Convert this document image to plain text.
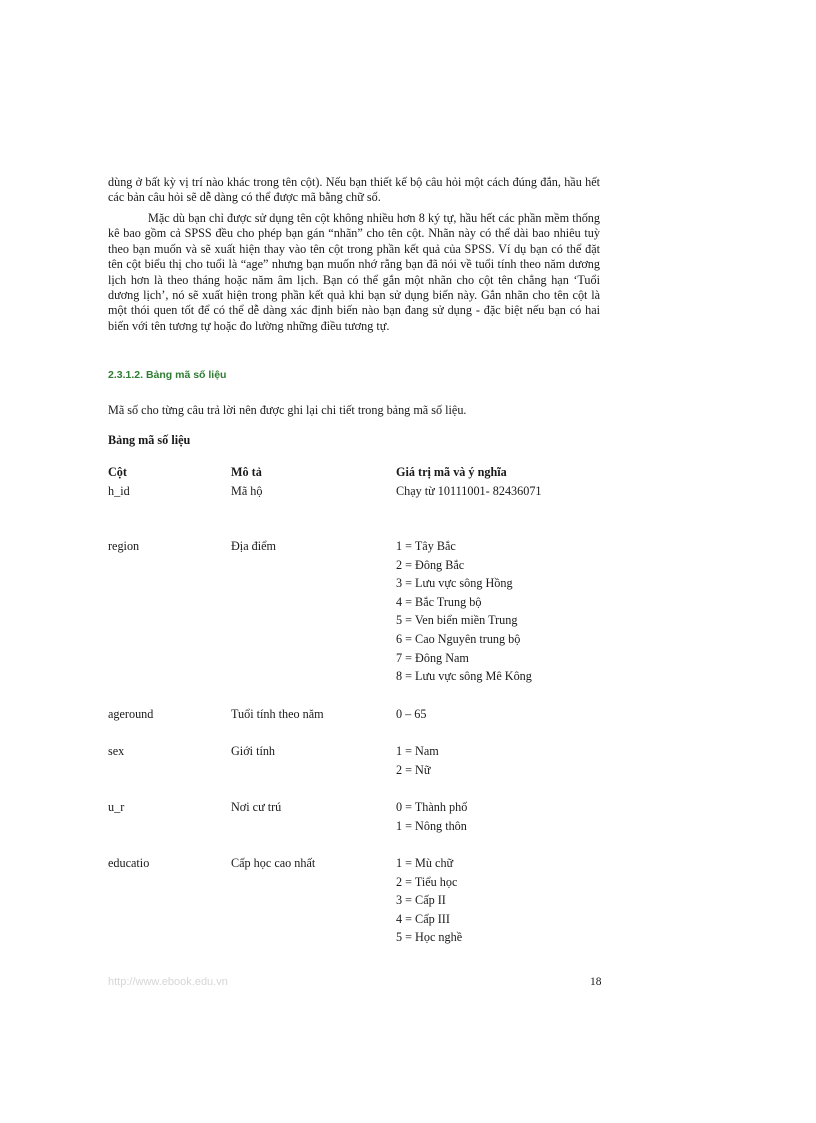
dùng ở bất kỳ vị trí nào khác trong tên cột). Nếu bạn thiết kế bộ câu hỏi một cách đúng đắn, hầu hết các bản câu hỏi sẽ dễ dàng có thể được mã bằng chữ số.

Mặc dù bạn chỉ được sử dụng tên cột không nhiều hơn 8 ký tự, hầu hết các phần mềm thống kê bao gồm cả SPSS đều cho phép bạn gán “nhãn” cho tên cột. Nhãn này có thể dài bao nhiêu tuỳ theo bạn muốn và sẽ xuất hiện thay vào tên cột trong phần kết quả của SPSS. Ví dụ bạn có thể đặt tên cột biểu thị cho tuổi là “age” nhưng bạn muốn nhớ rằng bạn đã nói về tuổi tính theo năm dương lịch hơn là theo tháng hoặc năm âm lịch. Bạn có thể gắn một nhãn cho cột tên chẳng hạn ‘Tuổi dương lịch’, nó sẽ xuất hiện trong phần kết quả khi bạn sử dụng biến này. Gắn nhãn cho tên cột là một thói quen tốt để có thể dễ dàng xác định biến nào bạn đang sử dụng - đặc biệt nếu bạn có hai biến với tên tương tự hoặc đo lường những điều tương tự.

2.3.1.2. Bảng mã số liệu

Mã số cho từng câu trả lời nên được ghi lại chi tiết trong bảng mã số liệu.

Bảng mã số liệu

Cột	Mô tả	Giá trị mã và ý nghĩa

h_id	Mã hộ	Chạy từ 10111001- 82436071

region	Địa điểm	1 = Tây Bắc
2 = Đông Bắc
3 = Lưu vực sông Hồng
4 = Bắc Trung bộ
5 = Ven biển miền Trung
6 = Cao Nguyên trung bộ
7 = Đông Nam
8 = Lưu vực sông Mê Kông

ageround	Tuổi tính theo năm	0 – 65

sex	Giới tính	1 = Nam
2 = Nữ

u_r	Nơi cư trú	0 = Thành phố
1 = Nông thôn

educatio	Cấp học cao nhất	1 = Mù chữ
2 = Tiểu học
3 = Cấp II
4 = Cấp III
5 = Học nghề

http://www.ebook.edu.vn	18
